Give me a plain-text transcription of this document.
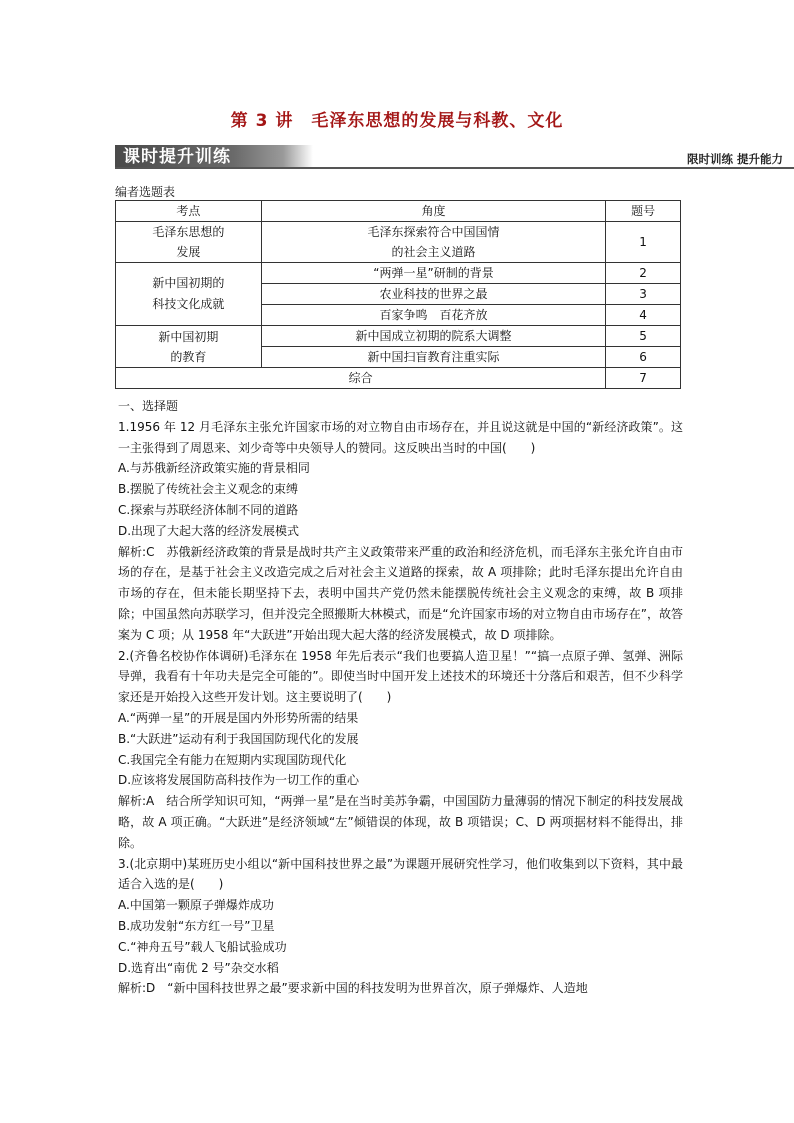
第 3 讲　毛泽东思想的发展与科教、文化
课时提升训练	限时训练 提升能力
编者选题表
考点	角度	题号

毛泽东思想的发展	毛泽东探索符合中国国情的社会主义道路	1

新中国初期的科技文化成就	“两弹一星”研制的背景	2
	农业科技的世界之最	3
	百家争鸣　百花齐放	4

新中国初期的教育	新中国成立初期的院系大调整	5
	新中国扫盲教育注重实际	6
综合		7

一、选择题

1.1956 年 12 月毛泽东主张允许国家市场的对立物自由市场存在，并且说这就是中国的“新经济政策”。这一主张得到了周恩来、刘少奇等中央领导人的赞同。这反映出当时的中国(　　)

A.与苏俄新经济政策实施的背景相同

B.摆脱了传统社会主义观念的束缚

C.探索与苏联经济体制不同的道路

D.出现了大起大落的经济发展模式

解析:C　苏俄新经济政策的背景是战时共产主义政策带来严重的政治和经济危机，而毛泽东主张允许自由市场的存在，是基于社会主义改造完成之后对社会主义道路的探索，故 A 项排除；此时毛泽东提出允许自由市场的存在，但未能长期坚持下去，表明中国共产党仍然未能摆脱传统社会主义观念的束缚，故 B 项排除；中国虽然向苏联学习，但并没完全照搬斯大林模式，而是“允许国家市场的对立物自由市场存在”，故答案为 C 项；从 1958 年“大跃进”开始出现大起大落的经济发展模式，故 D 项排除。

2.(齐鲁名校协作体调研)毛泽东在 1958 年先后表示“我们也要搞人造卫星！”“搞一点原子弹、氢弹、洲际导弹，我看有十年功夫是完全可能的”。即使当时中国开发上述技术的环境还十分落后和艰苦，但不少科学家还是开始投入这些开发计划。这主要说明了(　　)

A.“两弹一星”的开展是国内外形势所需的结果

B.“大跃进”运动有利于我国国防现代化的发展

C.我国完全有能力在短期内实现国防现代化

D.应该将发展国防高科技作为一切工作的重心

解析:A　结合所学知识可知，“两弹一星”是在当时美苏争霸，中国国防力量薄弱的情况下制定的科技发展战略，故 A 项正确。“大跃进”是经济领域“左”倾错误的体现，故 B 项错误；C、D 两项据材料不能得出，排除。

3.(北京期中)某班历史小组以“新中国科技世界之最”为课题开展研究性学习，他们收集到以下资料，其中最适合入选的是(　　)

A.中国第一颗原子弹爆炸成功

B.成功发射“东方红一号”卫星

C.“神舟五号”载人飞船试验成功

D.选育出“南优 2 号”杂交水稻

解析:D　“新中国科技世界之最”要求新中国的科技发明为世界首次，原子弹爆炸、人造地
